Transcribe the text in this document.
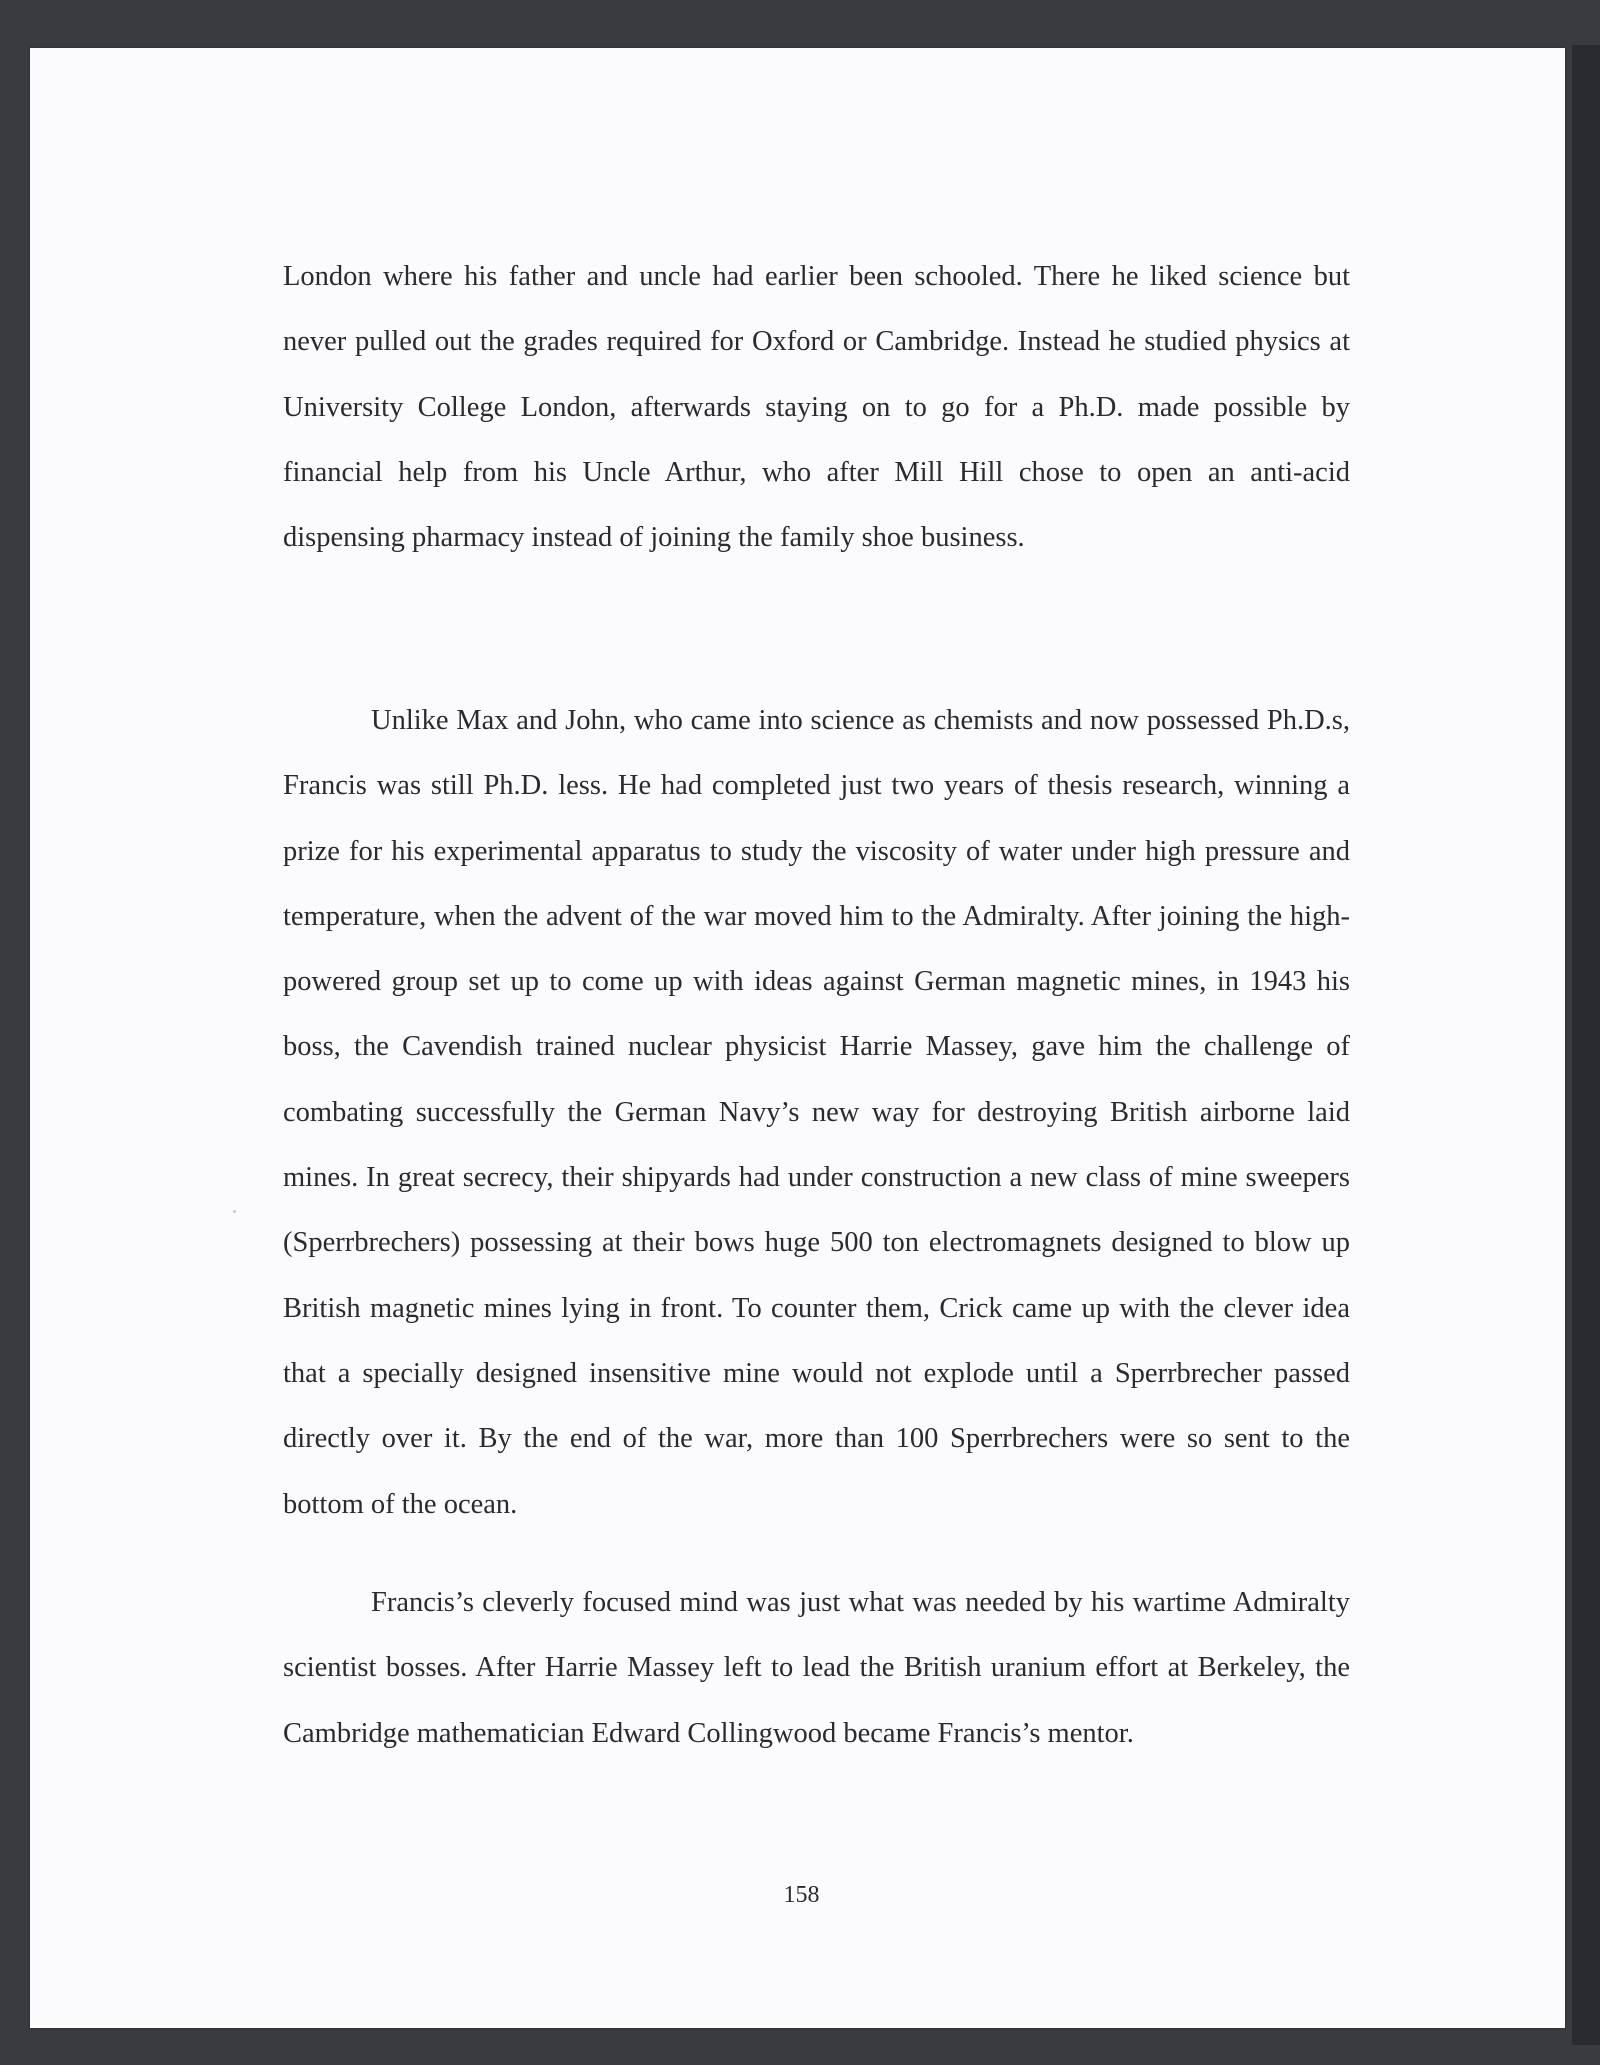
London where his father and uncle had earlier been schooled. There he liked science but never pulled out the grades required for Oxford or Cambridge. Instead he studied physics at University College London, afterwards staying on to go for a Ph.D. made possible by financial help from his Uncle Arthur, who after Mill Hill chose to open an anti-acid dispensing pharmacy instead of joining the family shoe business.

Unlike Max and John, who came into science as chemists and now possessed Ph.D.s, Francis was still Ph.D. less. He had completed just two years of thesis research, winning a prize for his experimental apparatus to study the viscosity of water under high pressure and temperature, when the advent of the war moved him to the Admiralty. After joining the high-powered group set up to come up with ideas against German magnetic mines, in 1943 his boss, the Cavendish trained nuclear physicist Harrie Massey, gave him the challenge of combating successfully the German Navy’s new way for destroying British airborne laid mines. In great secrecy, their shipyards had under construction a new class of mine sweepers (Sperrbrechers) possessing at their bows huge 500 ton electromagnets designed to blow up British magnetic mines lying in front. To counter them, Crick came up with the clever idea that a specially designed insensitive mine would not explode until a Sperrbrecher passed directly over it. By the end of the war, more than 100 Sperrbrechers were so sent to the bottom of the ocean.

Francis’s cleverly focused mind was just what was needed by his wartime Admiralty scientist bosses. After Harrie Massey left to lead the British uranium effort at Berkeley, the Cambridge mathematician Edward Collingwood became Francis’s mentor.

158
